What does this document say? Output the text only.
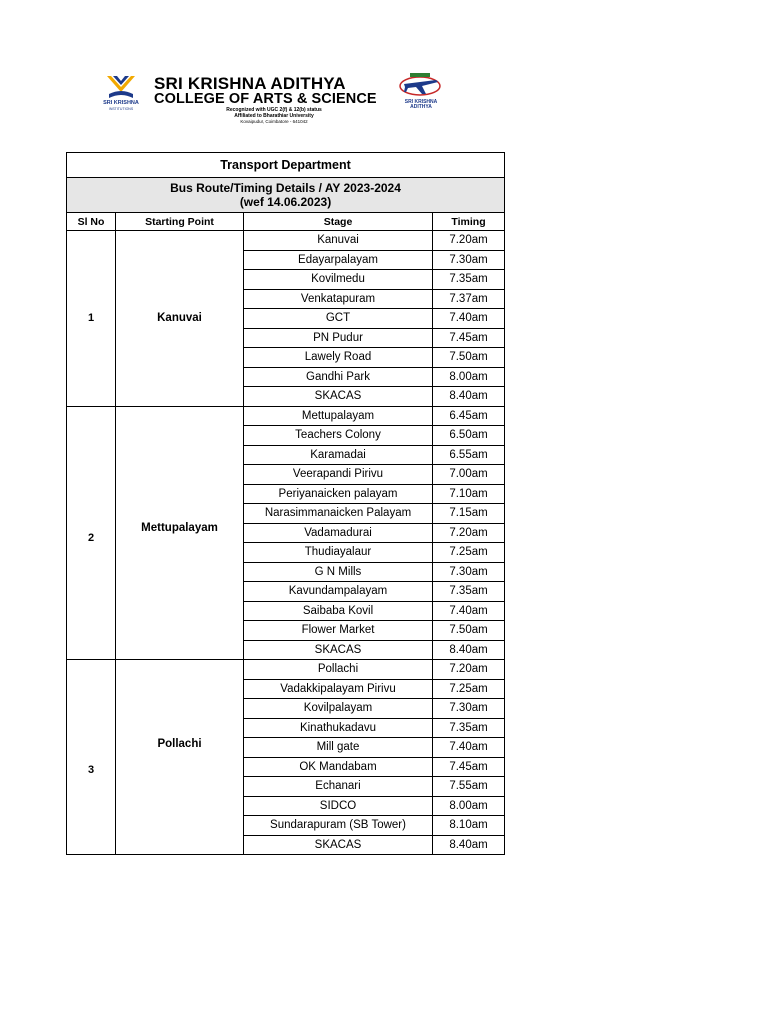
SRI KRISHNA
INSTITUTIONS
SRI KRISHNA ADITHYA
COLLEGE OF ARTS & SCIENCE
Recognized with UGC 2(f) & 12(b) status
Affiliated to Bharathiar University
Kovaipudur, Coimbatore - 641042
SRI KRISHNA ADITHYA
Transport Department			

Bus Route/Timing Details / AY 2023-2024
(wef 14.06.2023)			

Sl No	Starting Point	Stage	Timing
1	Kanuvai	Kanuvai	7.20am
		Edayarpalayam	7.30am
		Kovilmedu	7.35am
		Venkatapuram	7.37am
		GCT	7.40am
		PN Pudur	7.45am
		Lawely Road	7.50am
		Gandhi Park	8.00am
		SKACAS	8.40am
2	Mettupalayam	Mettupalayam	6.45am
		Teachers Colony	6.50am
		Karamadai	6.55am
		Veerapandi Pirivu	7.00am
		Periyanaicken palayam	7.10am
		Narasimmanaicken Palayam	7.15am
		Vadamadurai	7.20am
		Thudiayalaur	7.25am
		G N Mills	7.30am
		Kavundampalayam	7.35am
		Saibaba Kovil	7.40am
		Flower Market	7.50am
		SKACAS	8.40am
3	Pollachi	Pollachi	7.20am
		Vadakkipalayam Pirivu	7.25am
		Kovilpalayam	7.30am
		Kinathukadavu	7.35am
		Mill gate	7.40am
		OK Mandabam	7.45am
		Echanari	7.55am
		SIDCO	8.00am
		Sundarapuram (SB Tower)	8.10am
		SKACAS	8.40am
